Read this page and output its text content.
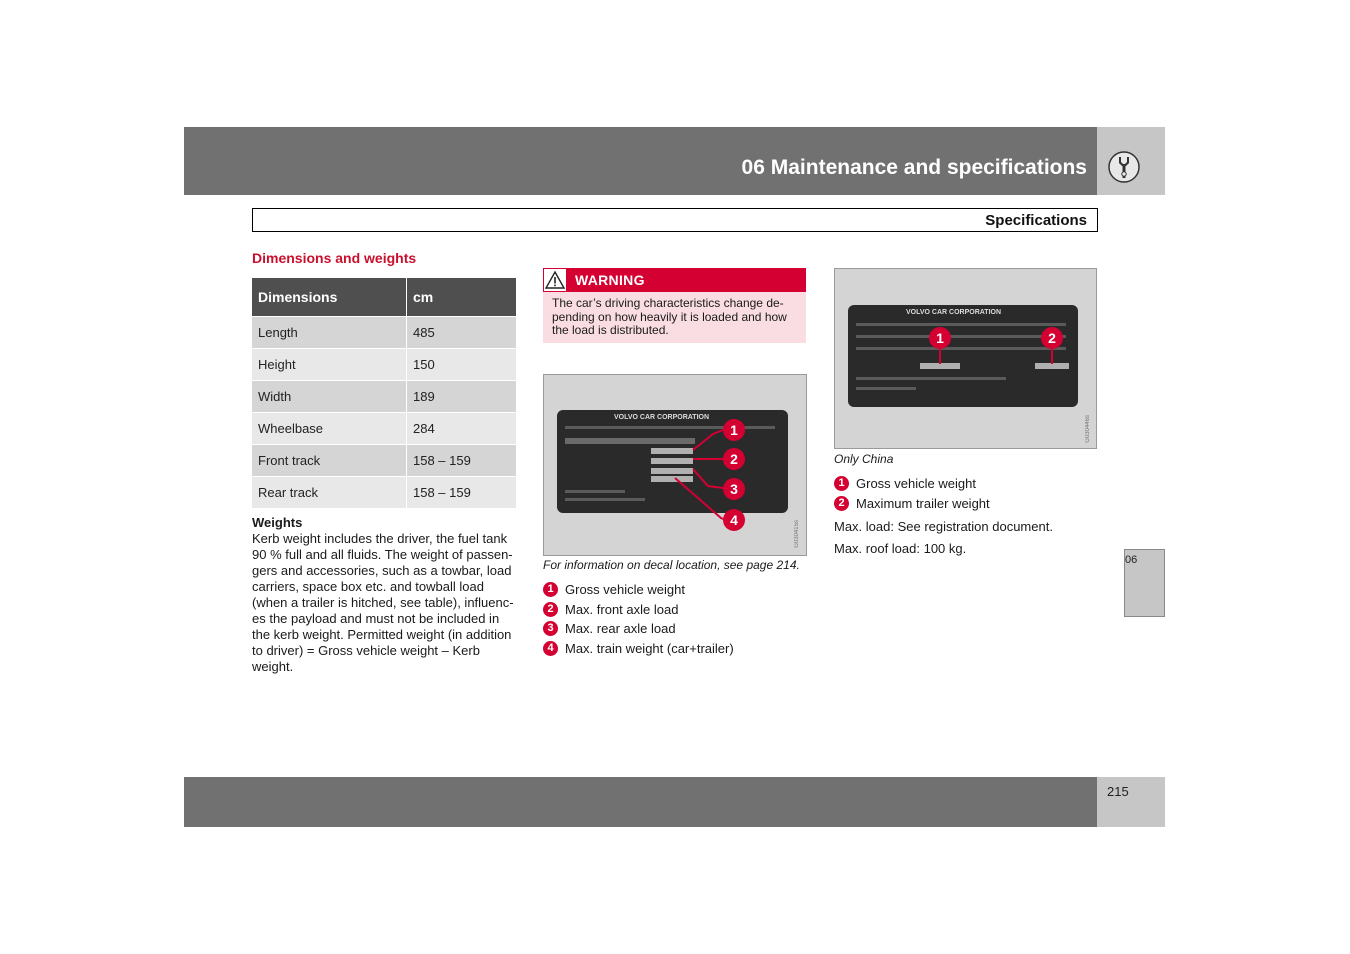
06 Maintenance and specifications
Specifications
Dimensions and weights
Dimensions	cm
Length	485
Height	150
Width	189
Wheelbase	284
Front track	158 – 159
Rear track	158 – 159
Weights
Kerb weight includes the driver, the fuel tank 90 % full and all fluids. The weight of passen-gers and accessories, such as a towbar, load carriers, space box etc. and towball load (when a trailer is hitched, see table), influenc-es the payload and must not be included in the kerb weight. Permitted weight (in addition to driver) = Gross vehicle weight – Kerb weight.
WARNING
The car’s driving characteristics change de-pending on how heavily it is loaded and how the load is distributed.
VOLVO CAR CORPORATION
1
2
3
4	G030415s
For information on decal location, see page 214.
1 Gross vehicle weight
2 Max. front axle load
3 Max. rear axle load
4 Max. train weight (car+trailer)
VOLVO CAR CORPORATION
1	2
G030446s
Only China
1 Gross vehicle weight
2 Maximum trailer weight
Max. load: See registration document.
Max. roof load: 100 kg.
06
215
